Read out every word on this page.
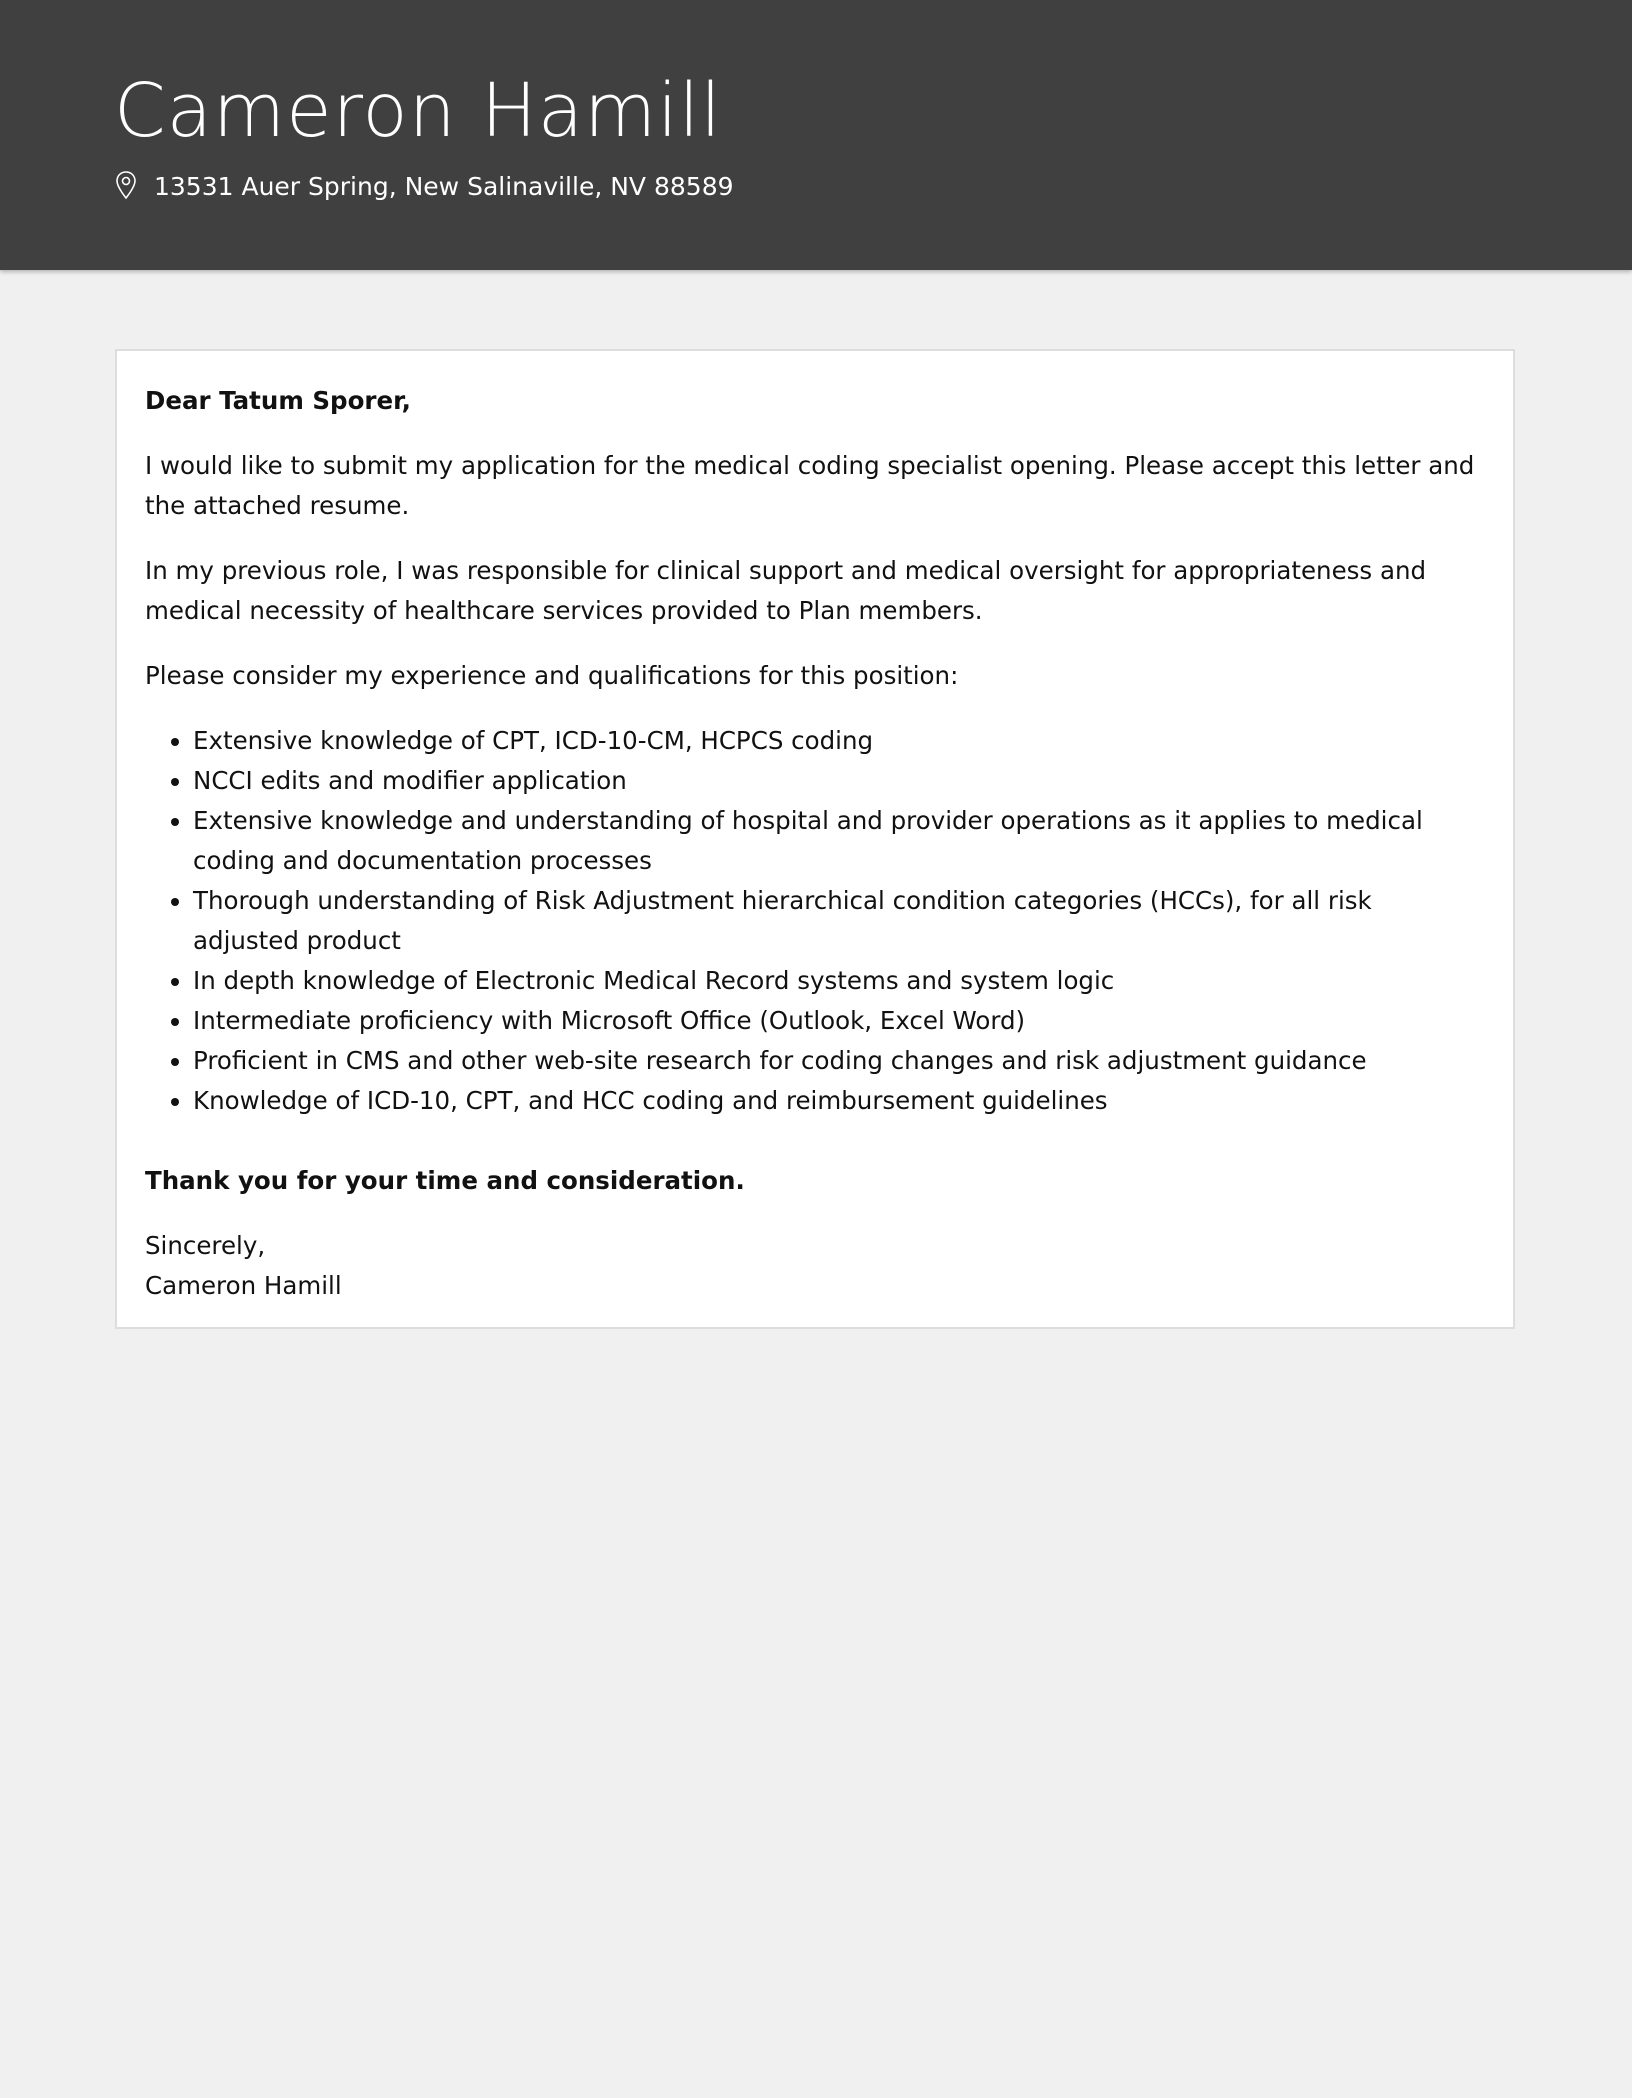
Cameron Hamill
13531 Auer Spring, New Salinaville, NV 88589

Dear Tatum Sporer,

I would like to submit my application for the medical coding specialist opening. Please accept this letter and the attached resume.

In my previous role, I was responsible for clinical support and medical oversight for appropriateness and medical necessity of healthcare services provided to Plan members.

Please consider my experience and qualifications for this position:

• Extensive knowledge of CPT, ICD-10-CM, HCPCS coding
• NCCI edits and modifier application
• Extensive knowledge and understanding of hospital and provider operations as it applies to medical coding and documentation processes
• Thorough understanding of Risk Adjustment hierarchical condition categories (HCCs), for all risk adjusted product
• In depth knowledge of Electronic Medical Record systems and system logic
• Intermediate proficiency with Microsoft Office (Outlook, Excel Word)
• Proficient in CMS and other web-site research for coding changes and risk adjustment guidance
• Knowledge of ICD-10, CPT, and HCC coding and reimbursement guidelines

Thank you for your time and consideration.

Sincerely,
Cameron Hamill
